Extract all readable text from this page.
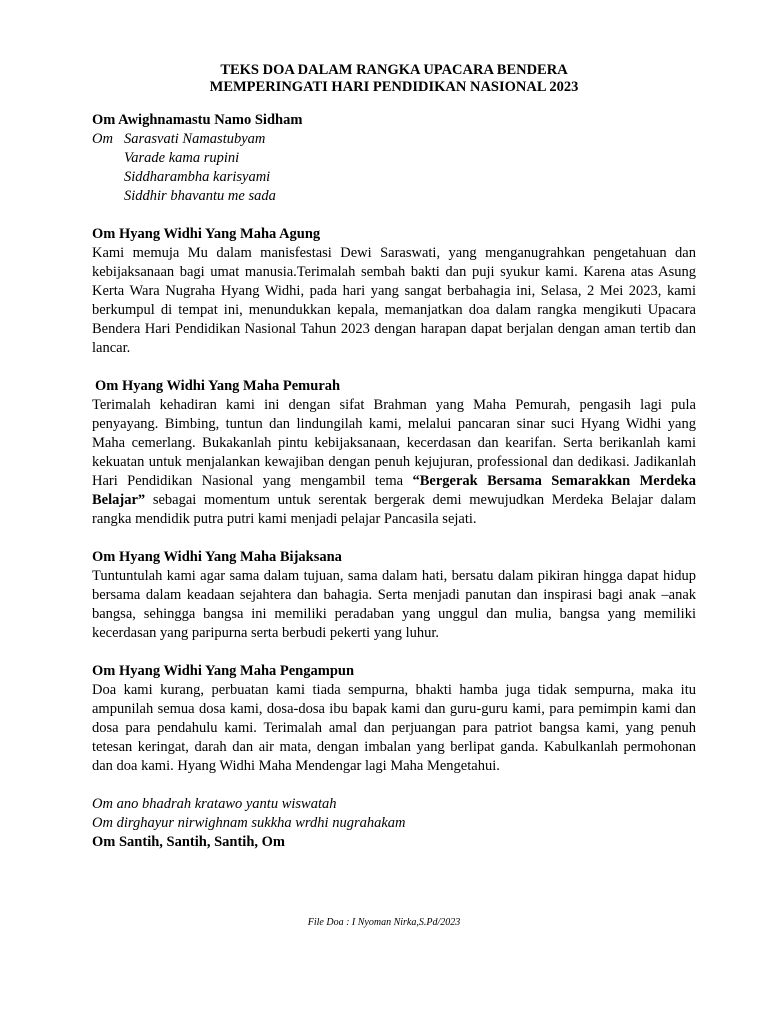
TEKS DOA DALAM RANGKA UPACARA BENDERA
MEMPERINGATI HARI PENDIDIKAN NASIONAL 2023

Om Awighnamastu Namo Sidham

Om Sarasvati Namastubyam
Varade kama rupini
Siddharambha karisyami
Siddhir bhavantu me sada

Om Hyang Widhi Yang Maha Agung

Kami memuja Mu dalam manisfestasi Dewi Saraswati, yang menganugrahkan pengetahuan dan kebijaksanaan bagi umat manusia.Terimalah sembah bakti dan puji syukur kami. Karena atas Asung Kerta Wara Nugraha Hyang Widhi, pada hari yang sangat berbahagia ini, Selasa, 2 Mei 2023, kami berkumpul di tempat ini, menundukkan kepala, memanjatkan doa dalam rangka mengikuti Upacara Bendera Hari Pendidikan Nasional Tahun 2023 dengan harapan dapat berjalan dengan aman tertib dan lancar.

Om Hyang Widhi Yang Maha Pemurah

Terimalah kehadiran kami ini dengan sifat Brahman yang Maha Pemurah, pengasih lagi pula penyayang. Bimbing, tuntun dan lindungilah kami, melalui pancaran sinar suci Hyang Widhi yang Maha cemerlang. Bukakanlah pintu kebijaksanaan, kecerdasan dan kearifan. Serta berikanlah kami kekuatan untuk menjalankan kewajiban dengan penuh kejujuran, professional dan dedikasi. Jadikanlah Hari Pendidikan Nasional yang mengambil tema “Bergerak Bersama Semarakkan Merdeka Belajar” sebagai momentum untuk serentak bergerak demi mewujudkan Merdeka Belajar dalam rangka mendidik putra putri kami menjadi pelajar Pancasila sejati.

Om Hyang Widhi Yang Maha Bijaksana

Tuntuntulah kami agar sama dalam tujuan, sama dalam hati, bersatu dalam pikiran hingga dapat hidup bersama dalam keadaan sejahtera dan bahagia. Serta menjadi panutan dan inspirasi bagi anak –anak bangsa, sehingga bangsa ini memiliki peradaban yang unggul dan mulia, bangsa yang memiliki kecerdasan yang paripurna serta berbudi pekerti yang luhur.

Om Hyang Widhi Yang Maha Pengampun

Doa kami kurang, perbuatan kami tiada sempurna, bhakti hamba juga tidak sempurna, maka itu ampunilah semua dosa kami, dosa-dosa ibu bapak kami dan guru-guru kami, para pemimpin kami dan dosa para pendahulu kami. Terimalah amal dan perjuangan para patriot bangsa kami, yang penuh tetesan keringat, darah dan air mata, dengan imbalan yang berlipat ganda. Kabulkanlah permohonan dan doa kami. Hyang Widhi Maha Mendengar lagi Maha Mengetahui.

Om ano bhadrah kratawo yantu wiswatah
Om dirghayur nirwighnam sukkha wrdhi nugrahakam
Om Santih, Santih, Santih, Om
File Doa : I Nyoman Nirka,S.Pd/2023
